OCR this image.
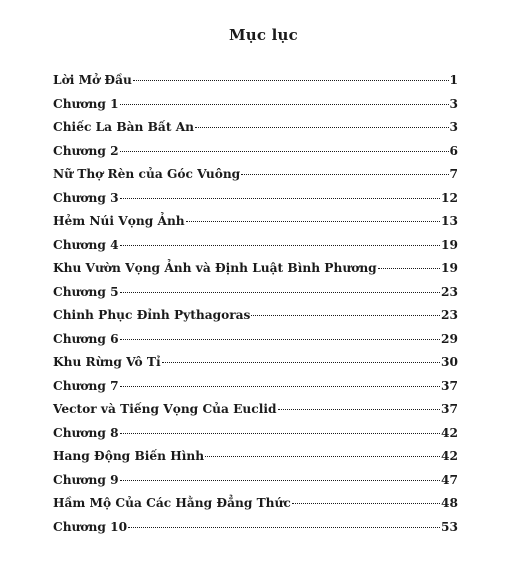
Mục lục
Lời Mở Đầu	1
Chương 1	3
Chiếc La Bàn Bất An	3
Chương 2	6
Nữ Thợ Rèn của Góc Vuông	7
Chương 3	12
Hẻm Núi Vọng Ảnh	13
Chương 4	19
Khu Vườn Vọng Ảnh và Định Luật Bình Phương	19
Chương 5	23
Chinh Phục Đỉnh Pythagoras	23
Chương 6	29
Khu Rừng Vô Tỉ	30
Chương 7	37
Vector và Tiếng Vọng Của Euclid	37
Chương 8	42
Hang Động Biến Hình	42
Chương 9	47
Hầm Mộ Của Các Hằng Đẳng Thức	48
Chương 10	53
